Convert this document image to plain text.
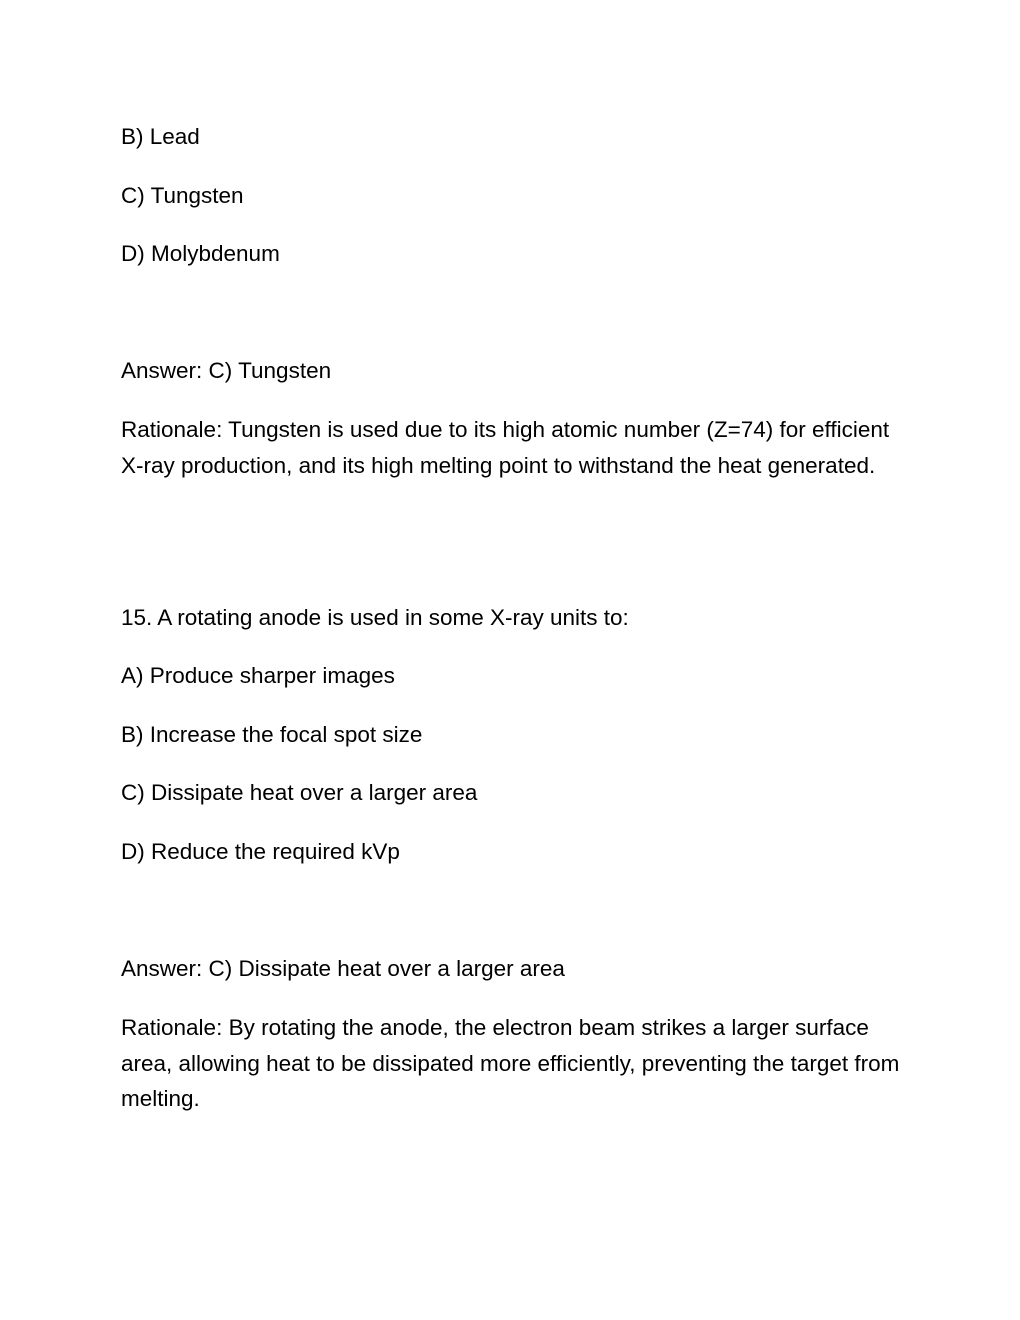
B) Lead

C) Tungsten

D) Molybdenum

Answer: C) Tungsten

Rationale: Tungsten is used due to its high atomic number (Z=74) for efficient X-ray production, and its high melting point to withstand the heat generated.

15. A rotating anode is used in some X-ray units to:

A) Produce sharper images

B) Increase the focal spot size

C) Dissipate heat over a larger area

D) Reduce the required kVp

Answer: C) Dissipate heat over a larger area

Rationale: By rotating the anode, the electron beam strikes a larger surface area, allowing heat to be dissipated more efficiently, preventing the target from melting.
